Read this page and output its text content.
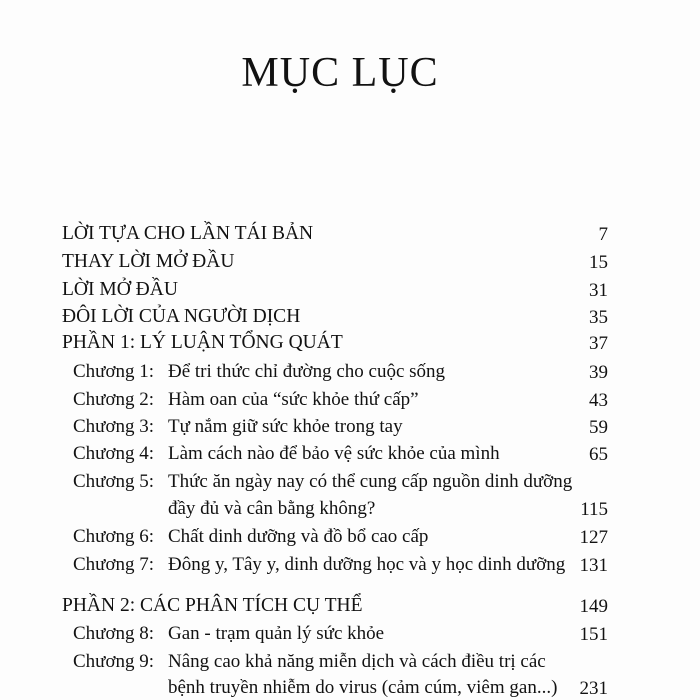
MỤC LỤC
LỜI TỰA CHO LẦN TÁI BẢN	7
THAY LỜI MỞ ĐẦU	15
LỜI MỞ ĐẦU	31
ĐÔI LỜI CỦA NGƯỜI DỊCH	35
PHẦN 1: LÝ LUẬN TỔNG QUÁT	37
Chương 1: Để tri thức chỉ đường cho cuộc sống	39
Chương 2: Hàm oan của “sức khỏe thứ cấp”	43
Chương 3: Tự nắm giữ sức khỏe trong tay	59
Chương 4: Làm cách nào để bảo vệ sức khỏe của mình	65
Chương 5: Thức ăn ngày nay có thể cung cấp nguồn dinh dưỡng
đầy đủ và cân bằng không?	115
Chương 6: Chất dinh dưỡng và đồ bổ cao cấp	127
Chương 7: Đông y, Tây y, dinh dưỡng học và y học dinh dưỡng 131
PHẦN 2: CÁC PHÂN TÍCH CỤ THỂ	149
Chương 8: Gan - trạm quản lý sức khỏe	151
Chương 9: Nâng cao khả năng miễn dịch và cách điều trị các
bệnh truyền nhiễm do virus (cảm cúm, viêm gan...) 231
